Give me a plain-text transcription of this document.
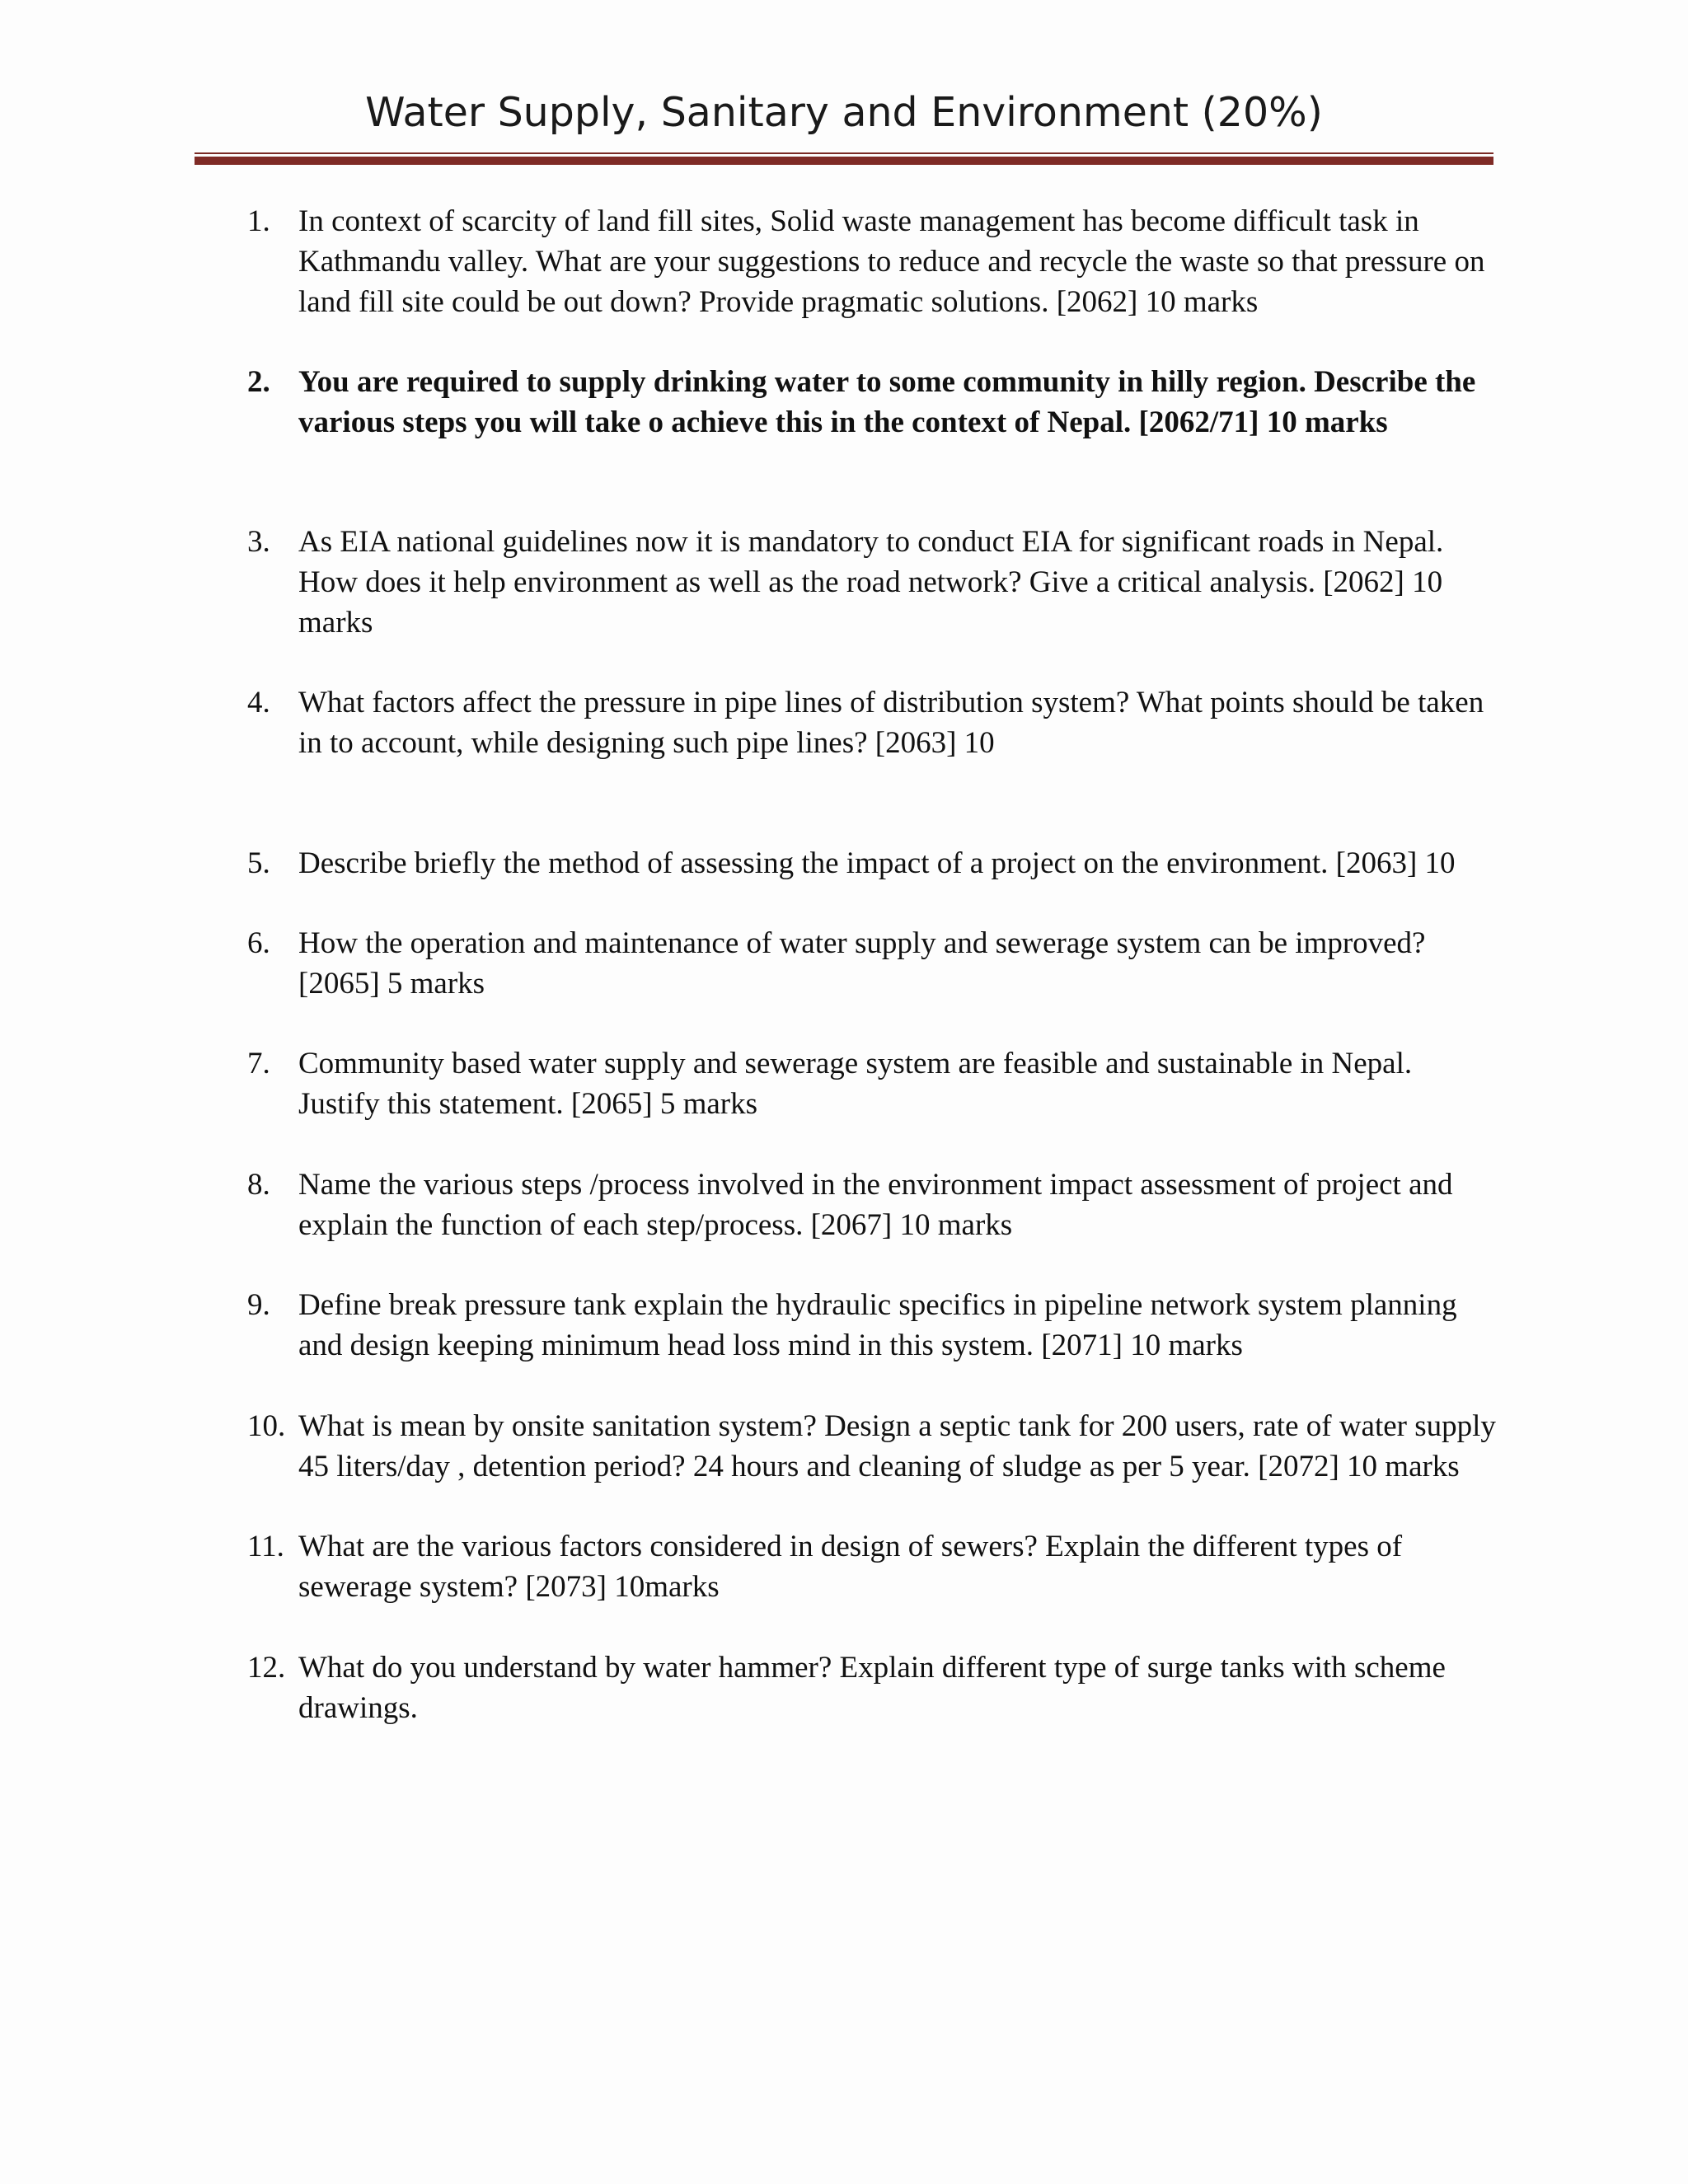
Water Supply, Sanitary and Environment (20%)
1. In context of scarcity of land fill sites, Solid waste management has become difficult task in
Kathmandu valley. What are your suggestions to reduce and recycle the waste so that pressure on
land fill site could be out down? Provide pragmatic solutions. [2062] 10 marks
2. You are required to supply drinking water to some community in hilly region. Describe the
various steps you will take o achieve this in the context of Nepal. [2062/71] 10 marks
3. As EIA national guidelines now it is mandatory to conduct EIA for significant roads in Nepal.
How does it help environment as well as the road network? Give a critical analysis. [2062] 10
marks
4. What factors affect the pressure in pipe lines of distribution system? What points should be taken
in to account, while designing such pipe lines? [2063] 10
5. Describe briefly the method of assessing the impact of a project on the environment. [2063] 10
6. How the operation and maintenance of water supply and sewerage system can be improved?
[2065] 5 marks
7. Community based water supply and sewerage system are feasible and sustainable in Nepal.
Justify this statement. [2065] 5 marks
8. Name the various steps /process involved in the environment impact assessment of project and
explain the function of each step/process. [2067] 10 marks
9. Define break pressure tank explain the hydraulic specifics in pipeline network system planning
and design keeping minimum head loss mind in this system. [2071] 10 marks
10. What is mean by onsite sanitation system? Design a septic tank for 200 users, rate of water supply
45 liters/day , detention period? 24 hours and cleaning of sludge as per 5 year. [2072] 10 marks
11. What are the various factors considered in design of sewers? Explain the different types of
sewerage system? [2073] 10marks
12. What do you understand by water hammer? Explain different type of surge tanks with scheme
drawings.
